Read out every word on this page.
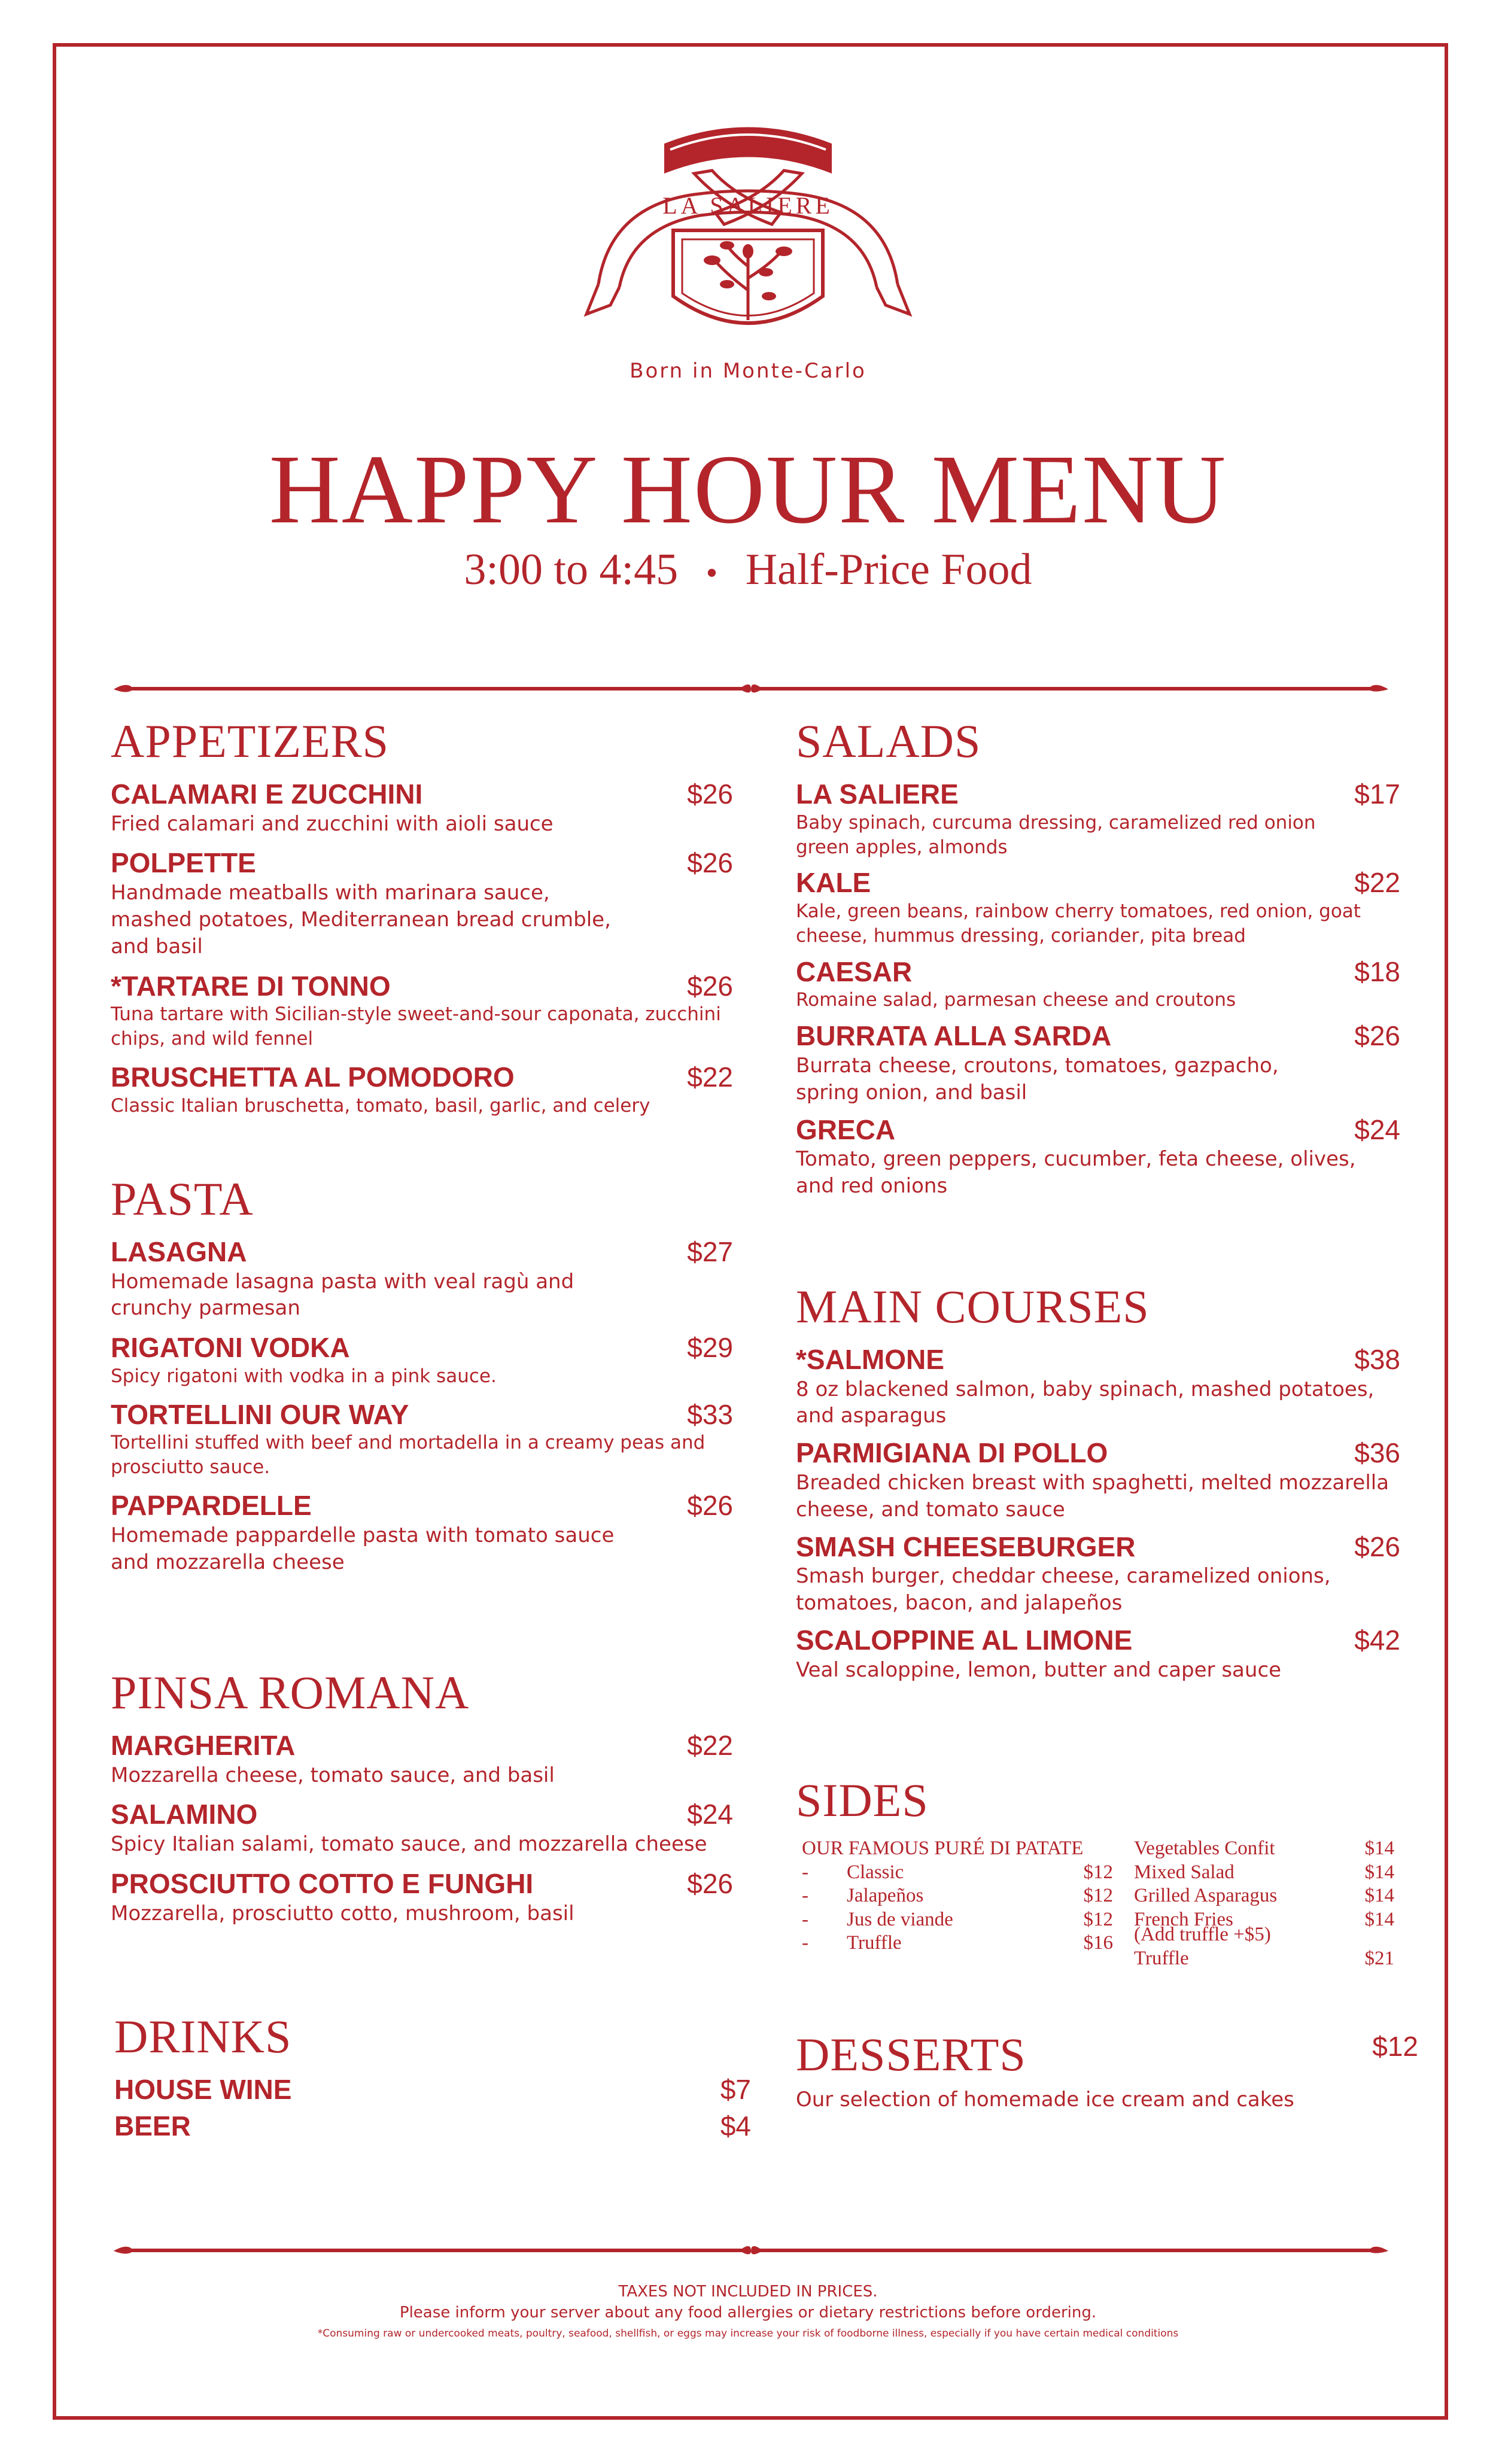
LA SALIERE
Born in Monte-Carlo
HAPPY HOUR MENU
3:00 to 4:45 • Half-Price Food
APPETIZERS
CALAMARI E ZUCCHINI	$26
Fried calamari and zucchini with aioli sauce
POLPETTE	$26
Handmade meatballs with marinara sauce, mashed potatoes, Mediterranean bread crumble, and basil
*TARTARE DI TONNO	$26
Tuna tartare with Sicilian-style sweet-and-sour caponata, zucchini chips, and wild fennel
BRUSCHETTA AL POMODORO	$22
Classic Italian bruschetta, tomato, basil, garlic, and celery
PASTA
LASAGNA	$27
Homemade lasagna pasta with veal ragù and crunchy parmesan
RIGATONI VODKA	$29
Spicy rigatoni with vodka in a pink sauce.
TORTELLINI OUR WAY	$33
Tortellini stuffed with beef and mortadella in a creamy peas and prosciutto sauce.
PAPPARDELLE	$26
Homemade pappardelle pasta with tomato sauce and mozzarella cheese
PINSA ROMANA
MARGHERITA	$22
Mozzarella cheese, tomato sauce, and basil
SALAMINO	$24
Spicy Italian salami, tomato sauce, and mozzarella cheese
PROSCIUTTO COTTO E FUNGHI	$26
Mozzarella, prosciutto cotto, mushroom, basil
DRINKS
HOUSE WINE	$7
BEER	$4
SALADS
LA SALIERE	$17
Baby spinach, curcuma dressing, caramelized red onion green apples, almonds
KALE	$22
Kale, green beans, rainbow cherry tomatoes, red onion, goat cheese, hummus dressing, coriander, pita bread
CAESAR	$18
Romaine salad, parmesan cheese and croutons
BURRATA ALLA SARDA	$26
Burrata cheese, croutons, tomatoes, gazpacho, spring onion, and basil
GRECA	$24
Tomato, green peppers, cucumber, feta cheese, olives, and red onions
MAIN COURSES
*SALMONE	$38
8 oz blackened salmon, baby spinach, mashed potatoes, and asparagus
PARMIGIANA DI POLLO	$36
Breaded chicken breast with spaghetti, melted mozzarella cheese, and tomato sauce
SMASH CHEESEBURGER	$26
Smash burger, cheddar cheese, caramelized onions, tomatoes, bacon, and jalapeños
SCALOPPINE AL LIMONE	$42
Veal scaloppine, lemon, butter and caper sauce
SIDES
OUR FAMOUS PURÉ DI PATATE
-	Classic	$12
-	Jalapeños	$12
-	Jus de viande	$12
-	Truffle	$16
Vegetables Confit	$14
Mixed Salad	$14
Grilled Asparagus	$14
French Fries	$14
(Add truffle +$5)
Truffle	$21
DESSERTS	$12
Our selection of homemade ice cream and cakes
TAXES NOT INCLUDED IN PRICES.
Please inform your server about any food allergies or dietary restrictions before ordering.
*Consuming raw or undercooked meats, poultry, seafood, shellfish, or eggs may increase your risk of foodborne illness, especially if you have certain medical conditions
